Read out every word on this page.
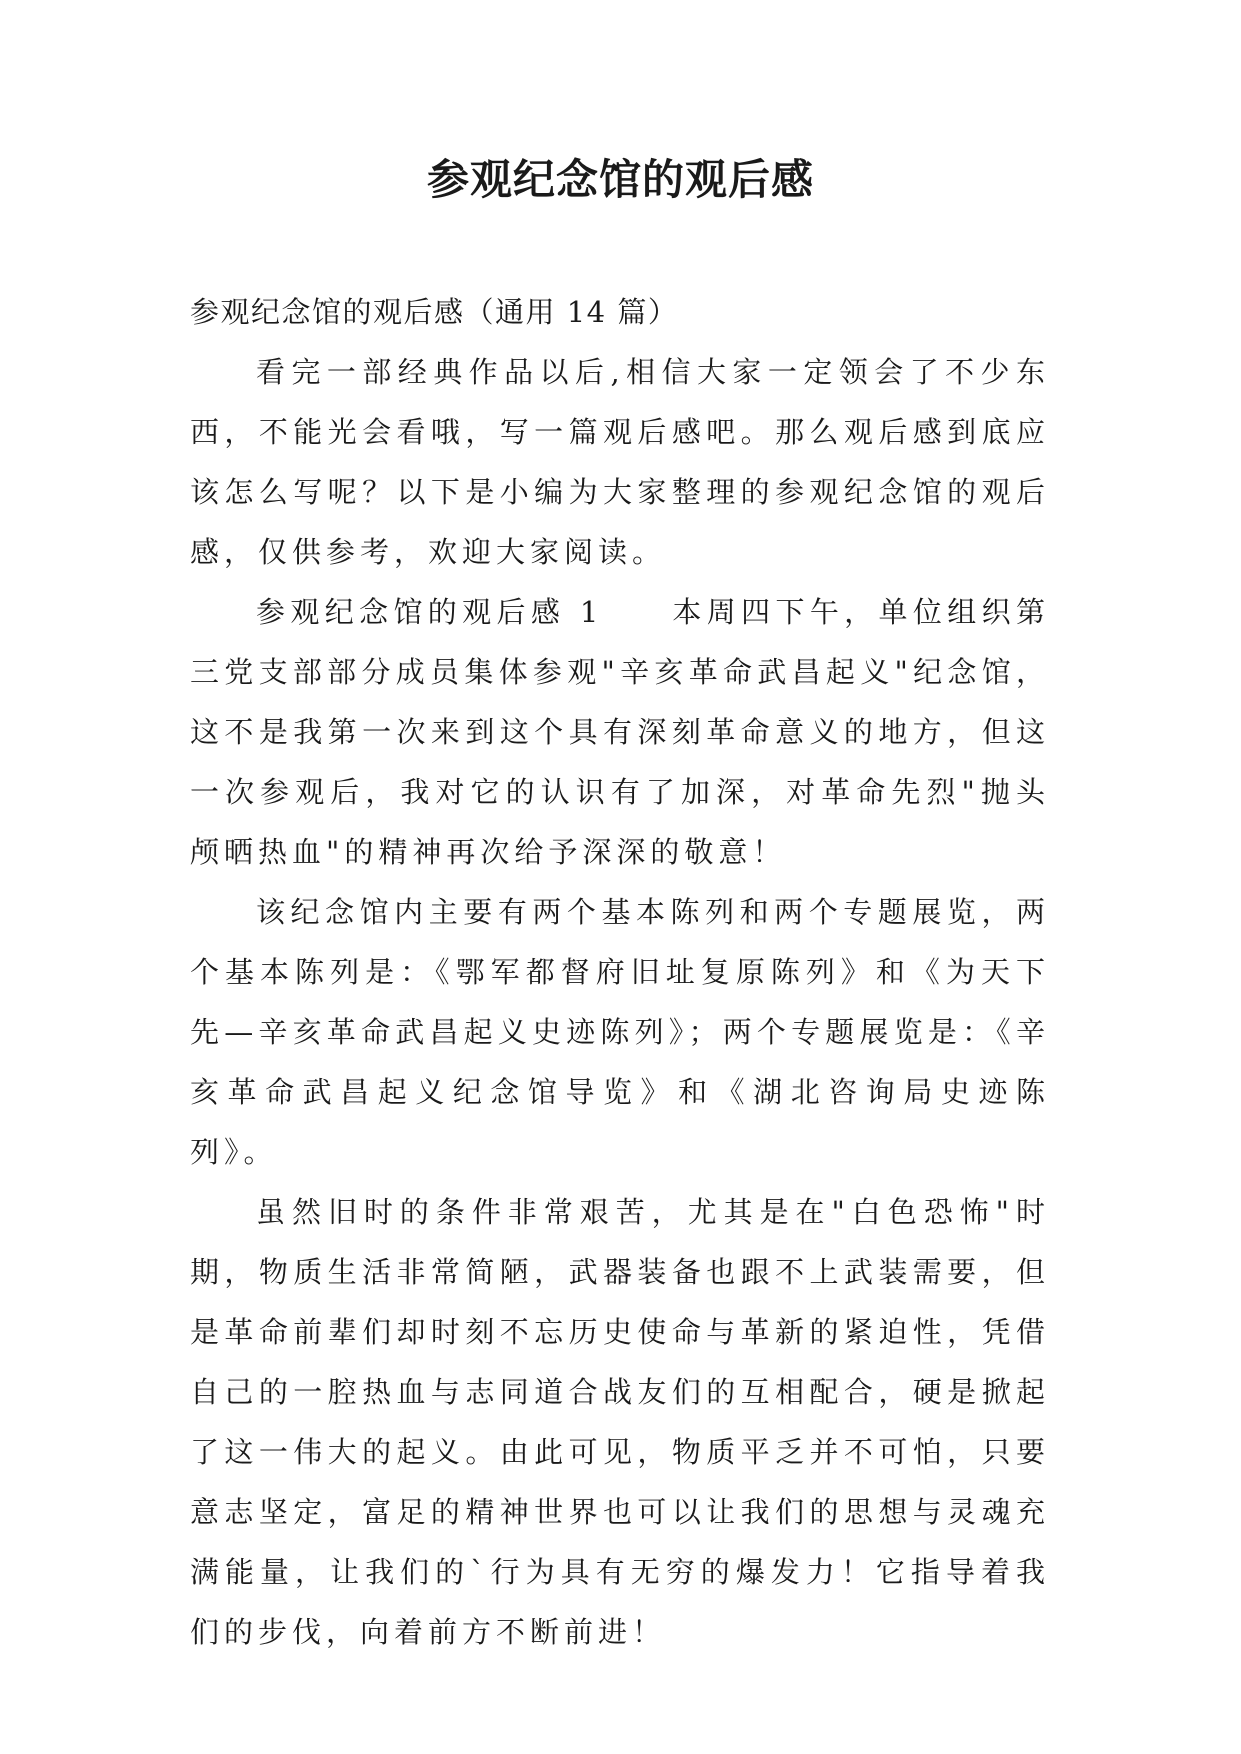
参观纪念馆的观后感

参观纪念馆的观后感（通用 14 篇）

看完一部经典作品以后,相信大家一定领会了不少东西，不能光会看哦，写一篇观后感吧。那么观后感到底应该怎么写呢？以下是小编为大家整理的参观纪念馆的观后感，仅供参考，欢迎大家阅读。

参观纪念馆的观后感 1　　本周四下午，单位组织第三党支部部分成员集体参观"辛亥革命武昌起义"纪念馆，这不是我第一次来到这个具有深刻革命意义的地方，但这一次参观后，我对它的认识有了加深，对革命先烈"抛头颅晒热血"的精神再次给予深深的敬意！

该纪念馆内主要有两个基本陈列和两个专题展览，两个基本陈列是：《鄂军都督府旧址复原陈列》和《为天下先—辛亥革命武昌起义史迹陈列》；两个专题展览是：《辛亥革命武昌起义纪念馆导览》和《湖北咨询局史迹陈列》。

虽然旧时的条件非常艰苦，尤其是在"白色恐怖"时期，物质生活非常简陋，武器装备也跟不上武装需要，但是革命前辈们却时刻不忘历史使命与革新的紧迫性，凭借自己的一腔热血与志同道合战友们的互相配合，硬是掀起了这一伟大的起义。由此可见，物质平乏并不可怕，只要意志坚定，富足的精神世界也可以让我们的思想与灵魂充满能量，让我们的`行为具有无穷的爆发力！它指导着我们的步伐，向着前方不断前进！
